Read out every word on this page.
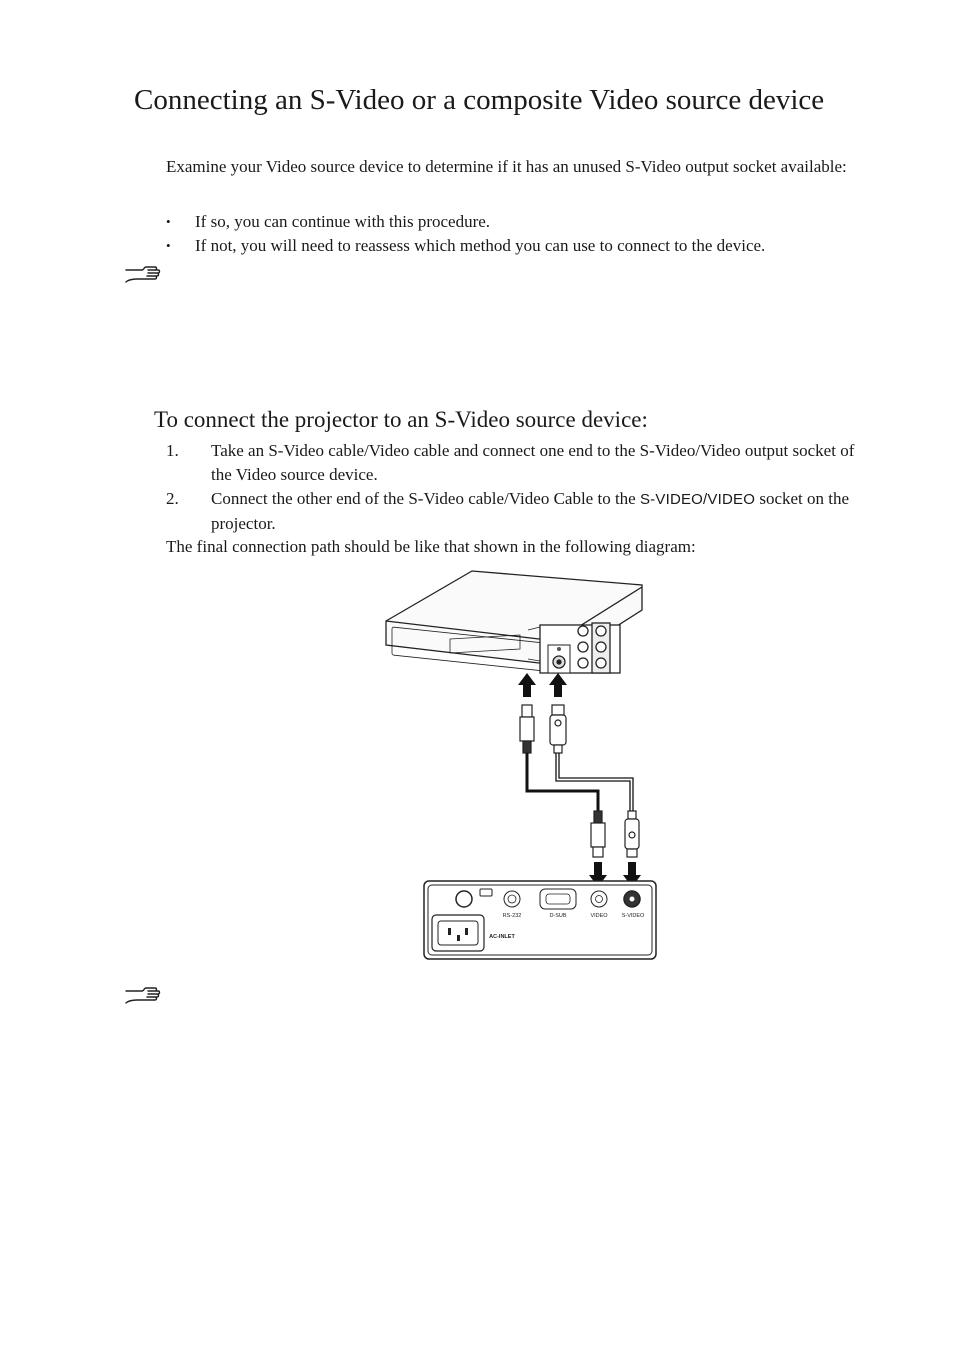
Connecting an S-Video or a composite Video source device

Examine your Video source device to determine if it has an unused S-Video output socket available:

• If so, you can continue with this procedure.
• If not, you will need to reassess which method you can use to connect to the device.
To connect the projector to an S-Video source device:
1. Take an S-Video cable/Video cable and connect one end to the S-Video/Video output socket of the Video source device.
2. Connect the other end of the S-Video cable/Video Cable to the S-VIDEO/VIDEO socket on the projector.

The final connection path should be like that shown in the following diagram:

RS-232	D-SUB	VIDEO	S-VIDEO
AC-INLET
